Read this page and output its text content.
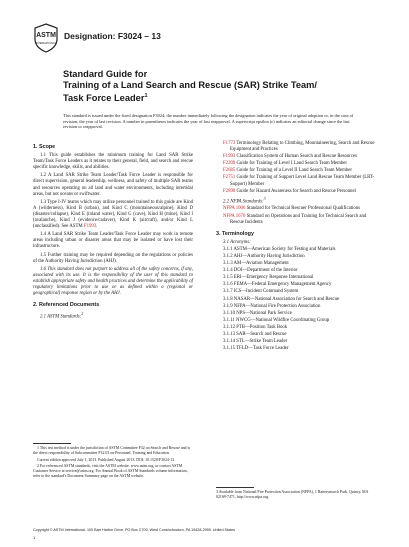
ASTM
INTERNATIONAL
Designation: F3024 – 13
Standard Guide for
Training of a Land Search and Rescue (SAR) Strike Team/
Task Force Leader$^1$
This standard is issued under the fixed designation F3024; the number immediately following the designation indicates the year of original adoption or, in the case of revision, the year of last revision. A number in parentheses indicates the year of last reapproval. A superscript epsilon (ε) indicates an editorial change since the last revision or reapproval.
1. Scope

1.1 This guide establishes the minimum training for Land SAR Strike Team/Task Force Leaders as it relates to their general, field, and search and rescue specific knowledge, skills, and abilities.

1.2 A Land SAR Strike Team Leader/Task Force Leader is responsible for direct supervision, general leadership, wellness, and safety of multiple SAR teams and resources operating on all land and water environments, including intertidal areas, but not oceans or swiftwater.

1.3 Type I-IV teams which may utilize personnel trained to this guide are Kind A (wilderness), Kind B (urban), and Kind C (mountaineous/alpine), Kind D (disaster/collapse), Kind E (inland water), Kind G (cave), Kind H (mine), Kind I (avalanche), Kind J (evidence/cadaver), Kind K (aircraft), and/or Kind L (unclassified). See ASTM F1993.

1.4 A Land SAR Strike Team Leader/Task Force Leader may work in remote areas including urban or disaster areas that may be isolated or have lost their infrastructure.

1.5 Further training may be required depending on the regulations or policies of the Authority Having Jurisdiction (AHJ).

1.6 This standard does not purport to address all of the safety concerns, if any, associated with its use. It is the responsibility of the user of this standard to establish appropriate safety and health practices and determine the applicability of regulatory limitations prior to use or as defined within a (regional or geographical) response region or by the AHJ.

2. Referenced Documents

2.1 ASTM Standards:$^2$

1 This test method is under the jurisdiction of ASTM Committee F32 on Search and Rescue and is the direct responsibility of Subcommittee F32.03 on Personnel, Training and Education.

Current edition approved July 1, 2013. Published August 2013. DOI: 10.1520/F3024-13.

2 For referenced ASTM standards, visit the ASTM website, www.astm.org, or contact ASTM Customer Service at service@astm.org. For Annual Book of ASTM Standards volume information, refer to the standard's Document Summary page on the ASTM website.

F1773 Terminology Relating to Climbing, Mountaineering, Search and Rescue Equipment and Practices

F1993 Classification System of Human Search and Rescue Resources

F2209 Guide for Training of Level I Land Search Team Member

F2685 Guide for Training of a Level II Land Search Team Member

F2751 Guide for Training of Support Level Land Rescue Team Member (LRT-Support) Member

F2890 Guide for Hazard Awareness for Search and Rescue Personnel

2.2 NFPA Standards:$^3$

NFPA 1006 Standard for Technical Rescuer Professional Qualifications

NFPA 1670 Standard on Operations and Training for Technical Search and Rescue Incidents

3. Terminology

3.1 Acronyms:

3.1.1 ASTM—American Society for Testing and Materials

3.1.2 AHJ—Authority Having Jurisdiction

3.1.3 AM—Aviation Management

3.1.4 DOI—Department of the Interior

3.1.5 ERI—Emergency Response International

3.1.6 FEMA—Federal Emergency Management Agency

3.1.7 ICS—Incident Command System

3.1.8 NASAR—National Association for Search and Rescue

3.1.9 NFPA—National Fire Protection Association

3.1.10 NPS—National Park Service

3.1.11 NWCG—National Wildfire Coordinating Group

3.1.12 PTB—Position Task Book

3.1.13 SAR—Search and Rescue

3.1.14 STL—Strike Team Leader

3.1.15 TFLD—Task Force Leader

3 Available from National Fire Protection Association (NFPA), 1 Batterymarch Park, Quincy, MA 02169-7471, http://www.nfpa.org.
Copyright © ASTM International, 100 Barr Harbor Drive, PO Box C700, West Conshohocken, PA 19428-2959. United States
1
